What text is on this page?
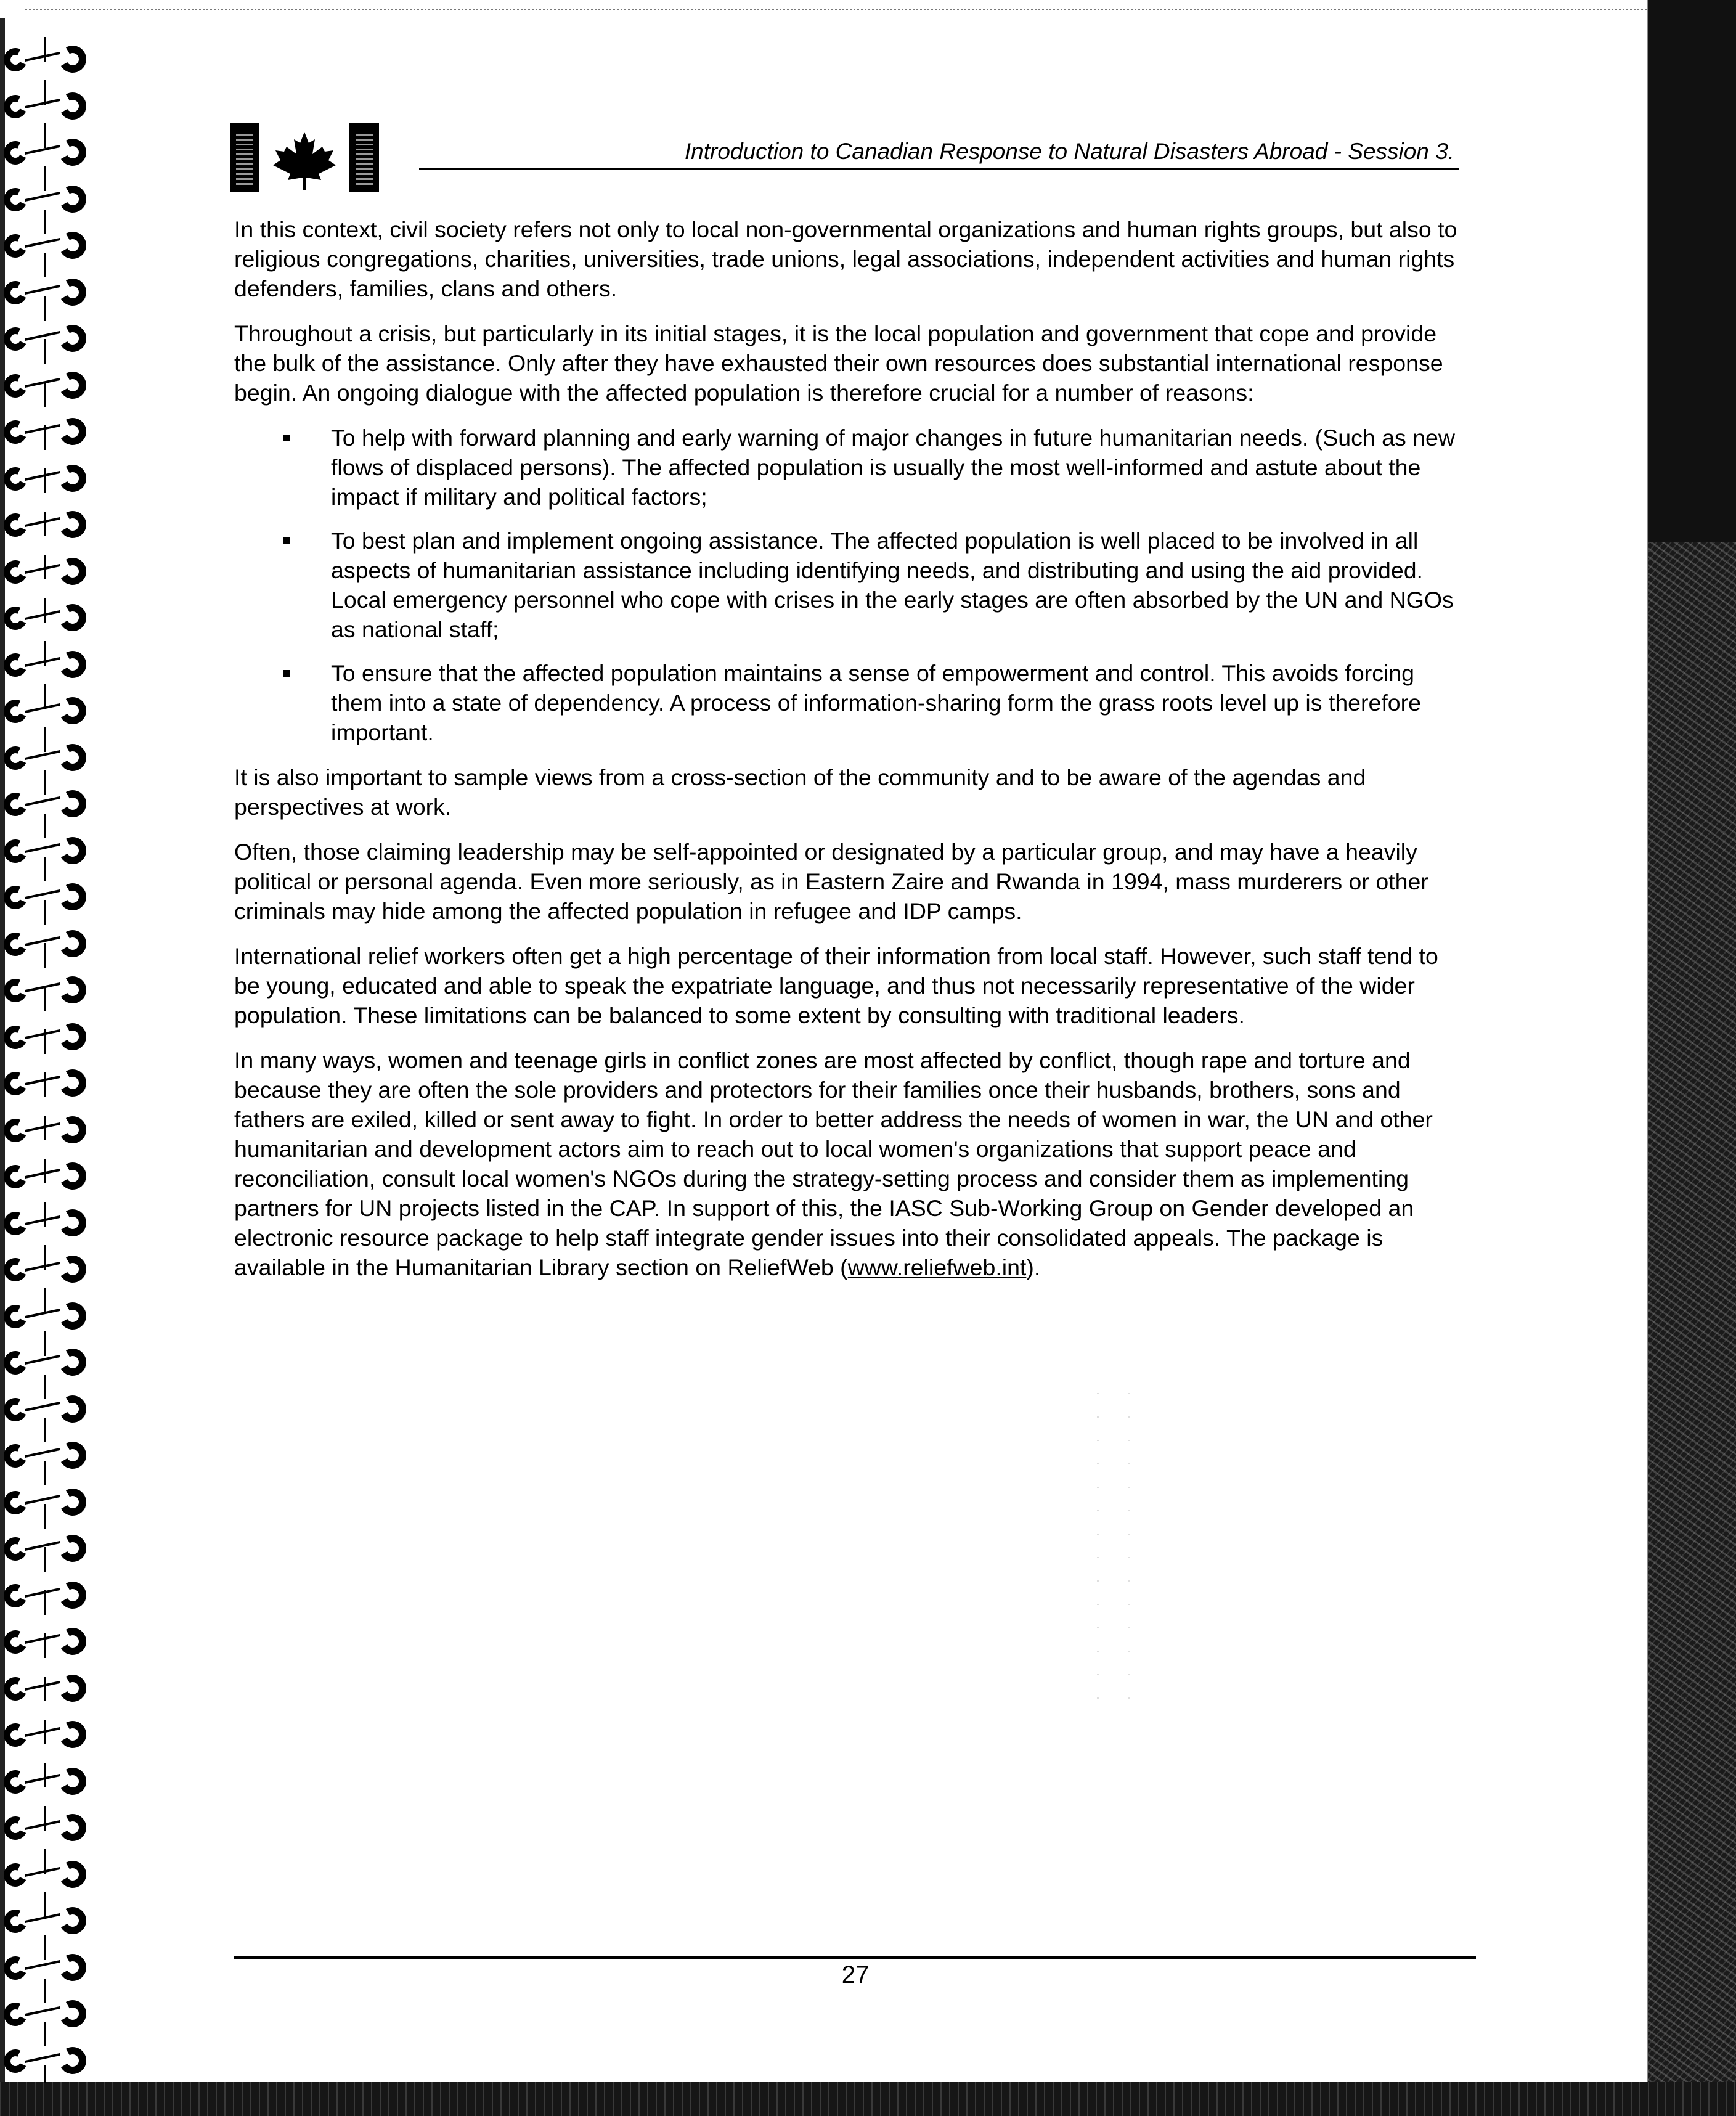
Introduction to Canadian Response to Natural Disasters Abroad - Session 3.

In this context, civil society refers not only to local non-governmental organizations and human rights groups, but also to religious congregations, charities, universities, trade unions, legal associations, independent activities and human rights defenders, families, clans and others.

Throughout a crisis, but particularly in its initial stages, it is the local population and government that cope and provide the bulk of the assistance. Only after they have exhausted their own resources does substantial international response begin. An ongoing dialogue with the affected population is therefore crucial for a number of reasons:

To help with forward planning and early warning of major changes in future humanitarian needs. (Such as new flows of displaced persons). The affected population is usually the most well-informed and astute about the impact if military and political factors;
To best plan and implement ongoing assistance. The affected population is well placed to be involved in all aspects of humanitarian assistance including identifying needs, and distributing and using the aid provided. Local emergency personnel who cope with crises in the early stages are often absorbed by the UN and NGOs as national staff;
To ensure that the affected population maintains a sense of empowerment and control. This avoids forcing them into a state of dependency. A process of information-sharing form the grass roots level up is therefore important.

It is also important to sample views from a cross-section of the community and to be aware of the agendas and perspectives at work.

Often, those claiming leadership may be self-appointed or designated by a particular group, and may have a heavily political or personal agenda. Even more seriously, as in Eastern Zaire and Rwanda in 1994, mass murderers or other criminals may hide among the affected population in refugee and IDP camps.

International relief workers often get a high percentage of their information from local staff. However, such staff tend to be young, educated and able to speak the expatriate language, and thus not necessarily representative of the wider population. These limitations can be balanced to some extent by consulting with traditional leaders.

In many ways, women and teenage girls in conflict zones are most affected by conflict, though rape and torture and because they are often the sole providers and protectors for their families once their husbands, brothers, sons and fathers are exiled, killed or sent away to fight. In order to better address the needs of women in war, the UN and other humanitarian and development actors aim to reach out to local women's organizations that support peace and reconciliation, consult local women's NGOs during the strategy-setting process and consider them as implementing partners for UN projects listed in the CAP. In support of this, the IASC Sub-Working Group on Gender developed an electronic resource package to help staff integrate gender issues into their consolidated appeals. The package is available in the Humanitarian Library section on ReliefWeb (www.reliefweb.int).

27
